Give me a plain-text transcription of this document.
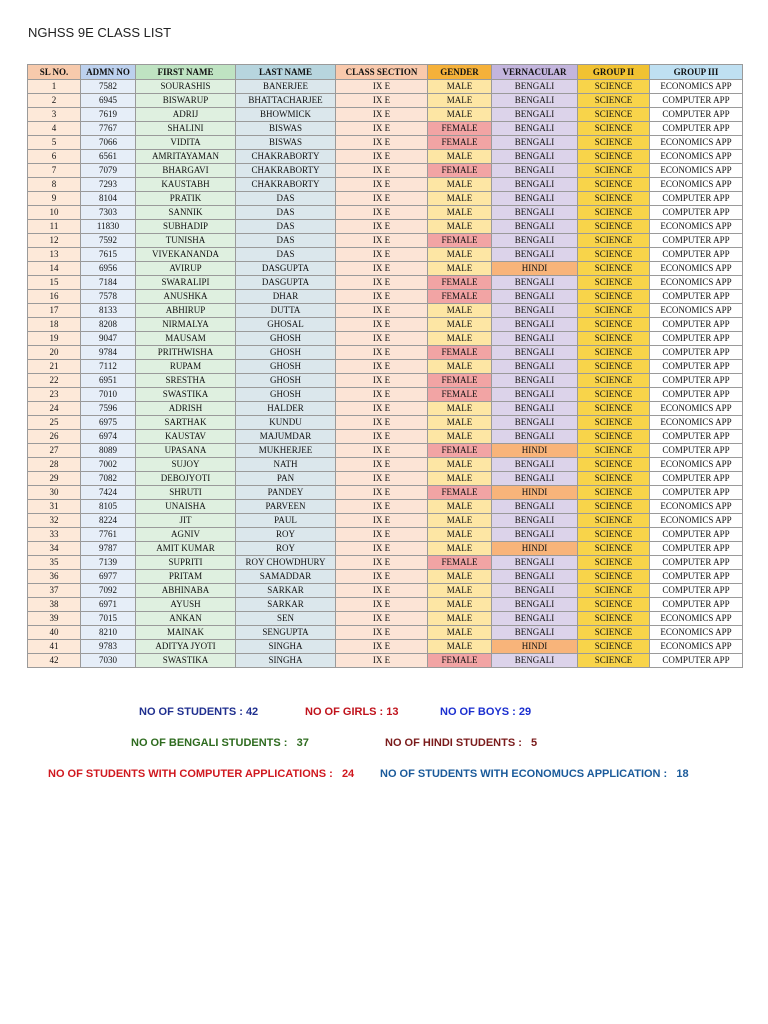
NGHSS 9E CLASS LIST
SL NO.	ADMN NO	FIRST NAME	LAST NAME	CLASS SECTION	GENDER	VERNACULAR	GROUP II	GROUP III
1	7582	SOURASHIS	BANERJEE	IX E	MALE	BENGALI	SCIENCE	ECONOMICS APP
2	6945	BISWARUP	BHATTACHARJEE	IX E	MALE	BENGALI	SCIENCE	COMPUTER APP
3	7619	ADRIJ	BHOWMICK	IX E	MALE	BENGALI	SCIENCE	COMPUTER APP
4	7767	SHALINI	BISWAS	IX E	FEMALE	BENGALI	SCIENCE	COMPUTER APP
5	7066	VIDITA	BISWAS	IX E	FEMALE	BENGALI	SCIENCE	ECONOMICS APP
6	6561	AMRITAYAMAN	CHAKRABORTY	IX E	MALE	BENGALI	SCIENCE	ECONOMICS APP
7	7079	BHARGAVI	CHAKRABORTY	IX E	FEMALE	BENGALI	SCIENCE	ECONOMICS APP
8	7293	KAUSTABH	CHAKRABORTY	IX E	MALE	BENGALI	SCIENCE	ECONOMICS APP
9	8104	PRATIK	DAS	IX E	MALE	BENGALI	SCIENCE	COMPUTER APP
10	7303	SANNIK	DAS	IX E	MALE	BENGALI	SCIENCE	COMPUTER APP
11	11830	SUBHADIP	DAS	IX E	MALE	BENGALI	SCIENCE	ECONOMICS APP
12	7592	TUNISHA	DAS	IX E	FEMALE	BENGALI	SCIENCE	COMPUTER APP
13	7615	VIVEKANANDA	DAS	IX E	MALE	BENGALI	SCIENCE	COMPUTER APP
14	6956	AVIRUP	DASGUPTA	IX E	MALE	HINDI	SCIENCE	ECONOMICS APP
15	7184	SWARALIPI	DASGUPTA	IX E	FEMALE	BENGALI	SCIENCE	ECONOMICS APP
16	7578	ANUSHKA	DHAR	IX E	FEMALE	BENGALI	SCIENCE	COMPUTER APP
17	8133	ABHIRUP	DUTTA	IX E	MALE	BENGALI	SCIENCE	ECONOMICS APP
18	8208	NIRMALYA	GHOSAL	IX E	MALE	BENGALI	SCIENCE	COMPUTER APP
19	9047	MAUSAM	GHOSH	IX E	MALE	BENGALI	SCIENCE	COMPUTER APP
20	9784	PRITHWISHA	GHOSH	IX E	FEMALE	BENGALI	SCIENCE	COMPUTER APP
21	7112	RUPAM	GHOSH	IX E	MALE	BENGALI	SCIENCE	COMPUTER APP
22	6951	SRESTHA	GHOSH	IX E	FEMALE	BENGALI	SCIENCE	COMPUTER APP
23	7010	SWASTIKA	GHOSH	IX E	FEMALE	BENGALI	SCIENCE	COMPUTER APP
24	7596	ADRISH	HALDER	IX E	MALE	BENGALI	SCIENCE	ECONOMICS APP
25	6975	SARTHAK	KUNDU	IX E	MALE	BENGALI	SCIENCE	ECONOMICS APP
26	6974	KAUSTAV	MAJUMDAR	IX E	MALE	BENGALI	SCIENCE	COMPUTER APP
27	8089	UPASANA	MUKHERJEE	IX E	FEMALE	HINDI	SCIENCE	COMPUTER APP
28	7002	SUJOY	NATH	IX E	MALE	BENGALI	SCIENCE	ECONOMICS APP
29	7082	DEBOJYOTI	PAN	IX E	MALE	BENGALI	SCIENCE	COMPUTER APP
30	7424	SHRUTI	PANDEY	IX E	FEMALE	HINDI	SCIENCE	COMPUTER APP
31	8105	UNAISHA	PARVEEN	IX E	MALE	BENGALI	SCIENCE	ECONOMICS APP
32	8224	JIT	PAUL	IX E	MALE	BENGALI	SCIENCE	ECONOMICS APP
33	7761	AGNIV	ROY	IX E	MALE	BENGALI	SCIENCE	COMPUTER APP
34	9787	AMIT KUMAR	ROY	IX E	MALE	HINDI	SCIENCE	COMPUTER APP
35	7139	SUPRITI	ROY CHOWDHURY	IX E	FEMALE	BENGALI	SCIENCE	COMPUTER APP
36	6977	PRITAM	SAMADDAR	IX E	MALE	BENGALI	SCIENCE	COMPUTER APP
37	7092	ABHINABA	SARKAR	IX E	MALE	BENGALI	SCIENCE	COMPUTER APP
38	6971	AYUSH	SARKAR	IX E	MALE	BENGALI	SCIENCE	COMPUTER APP
39	7015	ANKAN	SEN	IX E	MALE	BENGALI	SCIENCE	ECONOMICS APP
40	8210	MAINAK	SENGUPTA	IX E	MALE	BENGALI	SCIENCE	ECONOMICS APP
41	9783	ADITYA JYOTI	SINGHA	IX E	MALE	HINDI	SCIENCE	ECONOMICS APP
42	7030	SWASTIKA	SINGHA	IX E	FEMALE	BENGALI	SCIENCE	COMPUTER APP
NO OF STUDENTS : 42	NO OF GIRLS : 13	NO OF BOYS : 29
NO OF BENGALI STUDENTS :   37	NO OF HINDI STUDENTS :   5
NO OF STUDENTS WITH COMPUTER APPLICATIONS :   24 NO OF STUDENTS WITH ECONOMUCS APPLICATION :   18
